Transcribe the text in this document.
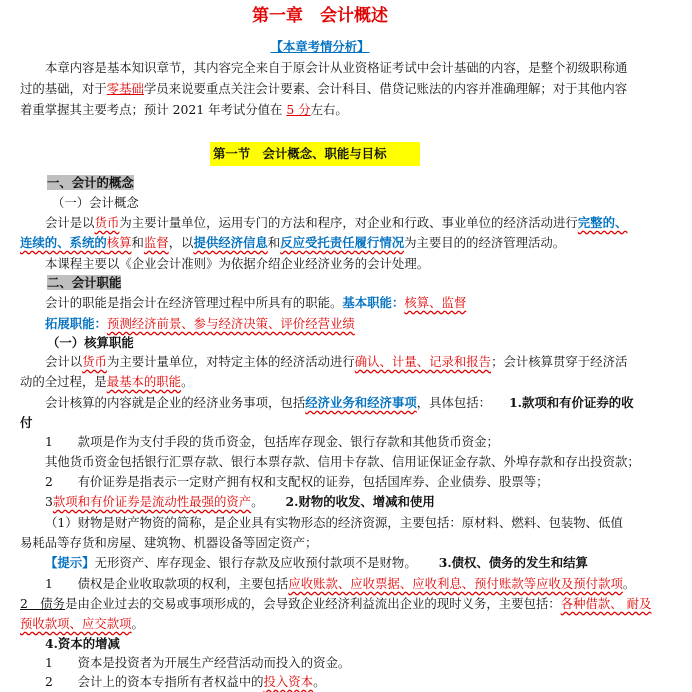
第一章　会计概述
【本章考情分析】
本章内容是基本知识章节，其内容完全来自于原会计从业资格证考试中会计基础的内容，是整个初级职称通
过的基础，对于零基础学员来说要重点关注会计要素、会计科目、借贷记账法的内容并准确理解；对于其他内容
着重掌握其主要考点；预计 2021 年考试分值在 5 分左右。
第一节　会计概念、职能与目标
一、会计的概念
（一）会计概念
会计是以货币为主要计量单位，运用专门的方法和程序，对企业和行政、事业单位的经济活动进行完整的、
连续的、系统的核算和监督，以提供经济信息和反应受托责任履行情况为主要目的的经济管理活动。
本课程主要以《企业会计准则》为依据介绍企业经济业务的会计处理。
二、会计职能
会计的职能是指会计在经济管理过程中所具有的职能。基本职能：核算、监督
拓展职能：预测经济前景、参与经济决策、评价经营业绩
（一）核算职能
会计以货币为主要计量单位，对特定主体的经济活动进行确认、计量、记录和报告；会计核算贯穿于经济活
动的全过程，是最基本的职能。
会计核算的内容就是企业的经济业务事项，包括经济业务和经济事项，具体包括： 1.款项和有价证券的收
付
1　　款项是作为支付手段的货币资金，包括库存现金、银行存款和其他货币资金；
其他货币资金包括银行汇票存款、银行本票存款、信用卡存款、信用证保证金存款、外埠存款和存出投资款；
2　　有价证券是指表示一定财产拥有权和支配权的证券，包括国库券、企业债券、股票等；
3款项和有价证券是流动性最强的资产。 2.财物的收发、增减和使用
（1）财物是财产物资的简称，是企业具有实物形态的经济资源，主要包括：原材料、燃料、包装物、低值
易耗品等存货和房屋、建筑物、机器设备等固定资产；
【提示】无形资产、库存现金、银行存款及应收预付款项不是财物。 3.债权、债务的发生和结算
1　　债权是企业收取款项的权利，主要包括应收账款、应收票据、应收利息、预付账款等应收及预付款项。
2　债务是由企业过去的交易或事项形成的，会导致企业经济利益流出企业的现时义务，主要包括：各种借款、 耐及
预收款项、应交款项。
4.资本的增减
1　　资本是投资者为开展生产经营活动而投入的资金。
2　　会计上的资本专指所有者权益中的投入资本。
